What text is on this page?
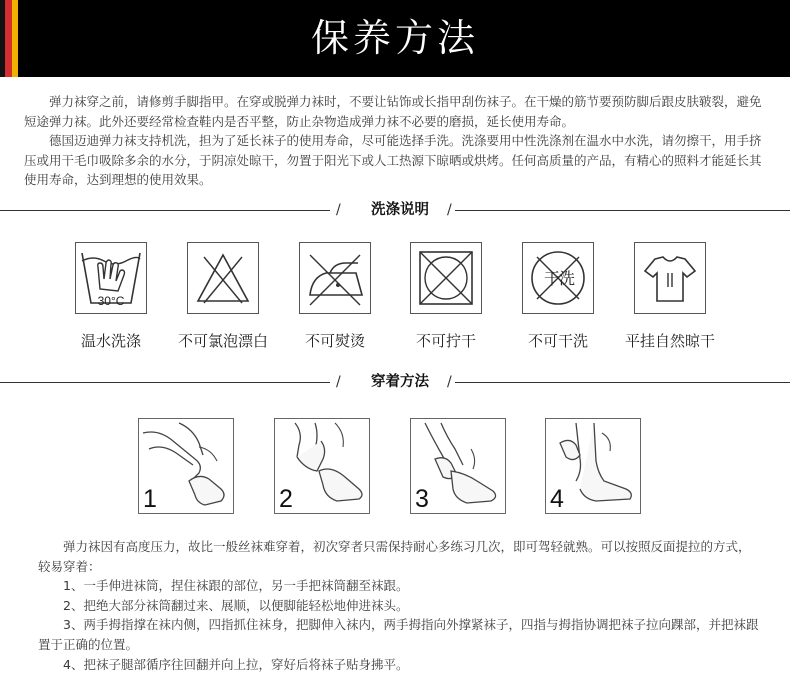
保养方法

弹力袜穿之前，请修剪手脚指甲。在穿或脱弹力袜时，不要让钻饰或长指甲刮伤袜子。在干燥的筋节要预防脚后跟皮肤皲裂，避免短途弹力袜。此外还要经常检查鞋内是否平整，防止杂物造成弹力袜不必要的磨损，延长使用寿命。

德国迈迪弹力袜支持机洗，担为了延长袜子的使用寿命，尽可能选择手洗。洗涤要用中性洗涤剂在温水中水洗，请勿擦干，用手挤压或用干毛巾吸除多余的水分，于阴凉处晾干，勿置于阳光下或人工热源下晾晒或烘烤。任何高质量的产品，有精心的照料才能延长其使用寿命，达到理想的使用效果。

/	洗涤说明	/
30°C
干
洗
温水洗涤	不可氯泡漂白	不可熨烫	不可拧干	不可干洗	平挂自然晾干
/	穿着方法	/
1	2	3	4

弹力袜因有高度压力，故比一般丝袜难穿着，初次穿者只需保持耐心多练习几次，即可驾轻就熟。可以按照反面提拉的方式，较易穿着：

1、一手伸进袜筒，捏住袜跟的部位，另一手把袜筒翻至袜跟。

2、把绝大部分袜筒翻过来、展顺，以便脚能轻松地伸进袜头。

3、两手拇指撑在袜内侧，四指抓住袜身，把脚伸入袜内，两手拇指向外撑紧袜子，四指与拇指协调把袜子拉向踝部，并把袜跟置于正确的位置。

4、把袜子腿部循序往回翻并向上拉，穿好后将袜子贴身拂平。
